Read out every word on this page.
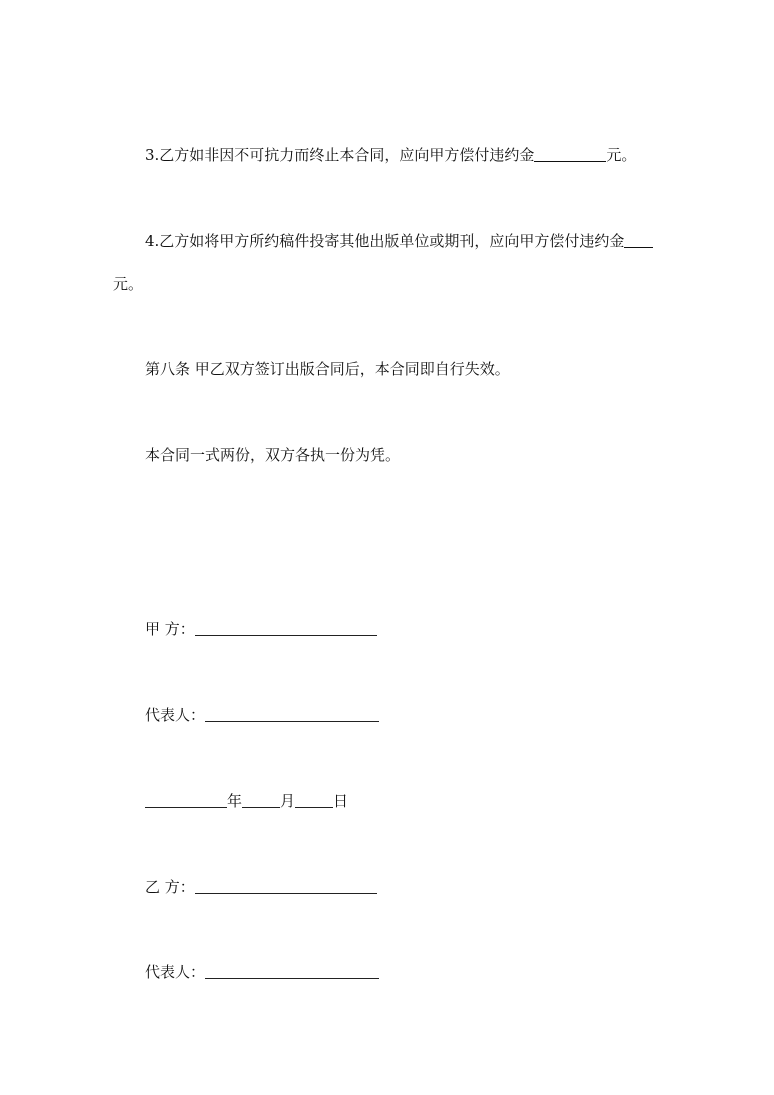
3.乙方如非因不可抗力而终止本合同，应向甲方偿付违约金	元。
4.乙方如将甲方所约稿件投寄其他出版单位或期刊，应向甲方偿付违约金
元。
第八条 甲乙双方签订出版合同后，本合同即自行失效。
本合同一式两份，双方各执一份为凭。
甲 方：
代表人：
年	月	日
乙 方：
代表人：
